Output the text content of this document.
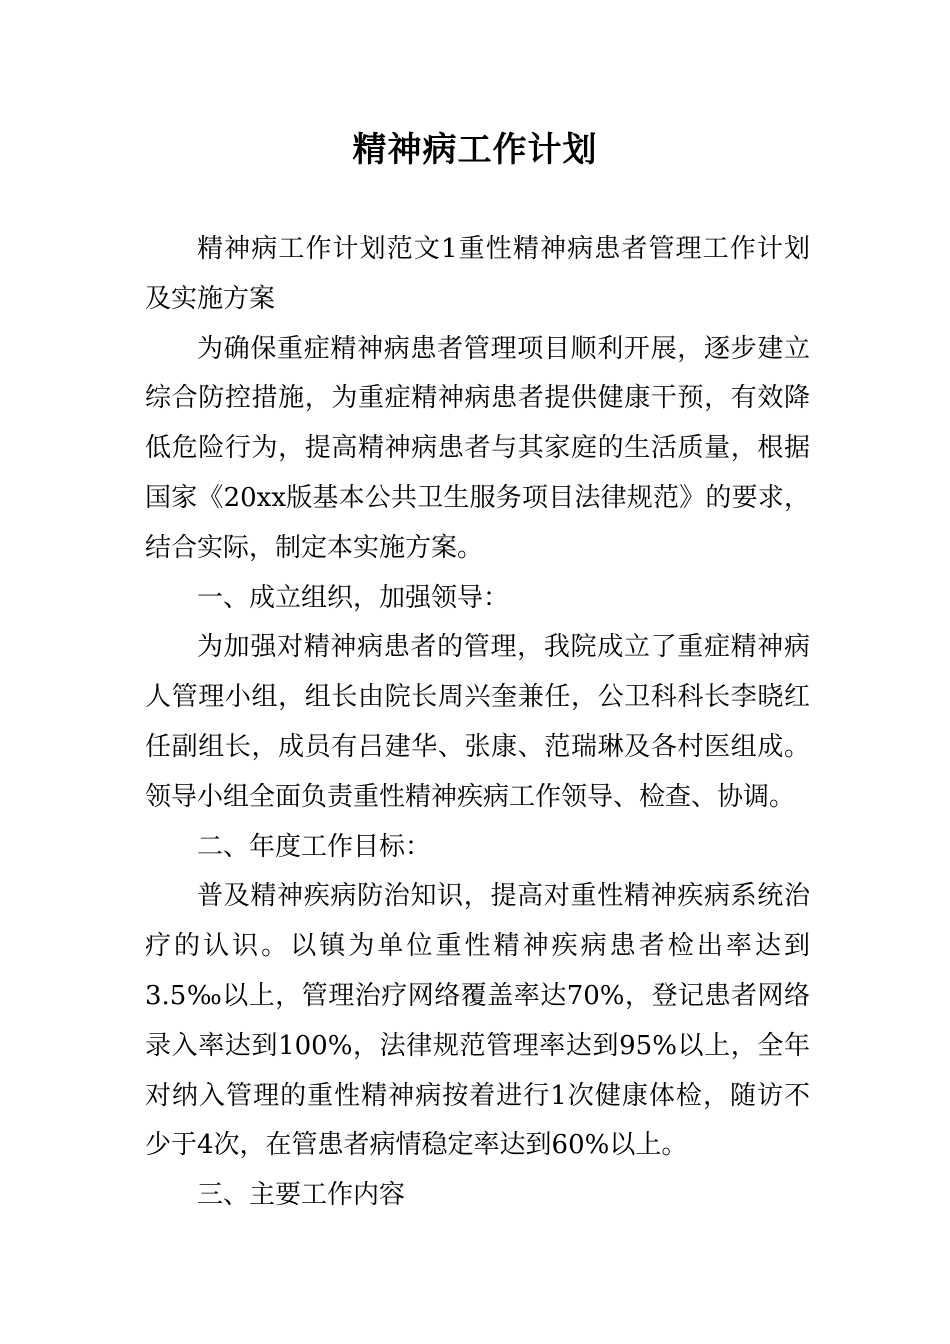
精神病工作计划

精神病工作计划范文1重性精神病患者管理工作计划及实施方案

为确保重症精神病患者管理项目顺利开展，逐步建立综合防控措施，为重症精神病患者提供健康干预，有效降低危险行为，提高精神病患者与其家庭的生活质量，根据国家《20xx版基本公共卫生服务项目法律规范》的要求，结合实际，制定本实施方案。

一、成立组织，加强领导：

为加强对精神病患者的管理，我院成立了重症精神病人管理小组，组长由院长周兴奎兼任，公卫科科长李晓红任副组长，成员有吕建华、张康、范瑞琳及各村医组成。领导小组全面负责重性精神疾病工作领导、检查、协调。

二、年度工作目标：

普及精神疾病防治知识，提高对重性精神疾病系统治疗的认识。以镇为单位重性精神疾病患者检出率达到3.5‰以上，管理治疗网络覆盖率达70%，登记患者网络录入率达到100%，法律规范管理率达到95%以上，全年对纳入管理的重性精神病按着进行1次健康体检，随访不少于4次，在管患者病情稳定率达到60%以上。

三、主要工作内容
